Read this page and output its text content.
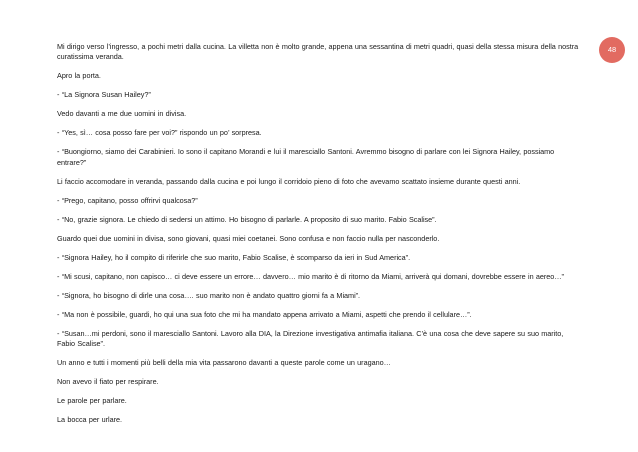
48

Mi dirigo verso l’ingresso, a pochi metri dalla cucina. La villetta non è molto grande, appena una sessantina di metri quadri, quasi della stessa misura della nostra curatissima veranda.

Apro la porta.

- “La Signora Susan Hailey?”

Vedo davanti a me due uomini in divisa.

- “Yes, sì… cosa posso fare per voi?” rispondo un po’ sorpresa.

- “Buongiorno, siamo dei Carabinieri. Io sono il capitano Morandi e lui il maresciallo Santoni. Avremmo bisogno di parlare con lei Signora Hailey, possiamo entrare?”

Li faccio accomodare in veranda, passando dalla cucina e poi lungo il corridoio pieno di foto che avevamo scattato insieme durante questi anni.

- “Prego, capitano, posso offrirvi qualcosa?”

- “No, grazie signora. Le chiedo di sedersi un attimo. Ho bisogno di parlarle. A proposito di suo marito. Fabio Scalise”.

Guardo quei due uomini in divisa, sono giovani, quasi miei coetanei. Sono confusa e non faccio nulla per nasconderlo.

- “Signora Hailey, ho il compito di riferirle che suo marito, Fabio Scalise, è scomparso da ieri in Sud America”.

- “Mi scusi, capitano, non capisco… ci deve essere un errore… davvero… mio marito è di ritorno da Miami, arriverà qui domani, dovrebbe essere in aereo…”

- “Signora, ho bisogno di dirle una cosa…. suo marito non è andato quattro giorni fa a Miami”.

- “Ma non è possibile, guardi, ho qui una sua foto che mi ha mandato appena arrivato a Miami, aspetti che prendo il cellulare…”.

- “Susan…mi perdoni, sono il maresciallo Santoni. Lavoro alla DIA, la Direzione investigativa antimafia italiana. C’è una cosa che deve sapere su suo marito, Fabio Scalise”.

Un anno e tutti i momenti più belli della mia vita passarono davanti a queste parole come un uragano…

Non avevo il fiato per respirare.

Le parole per parlare.

La bocca per urlare.
